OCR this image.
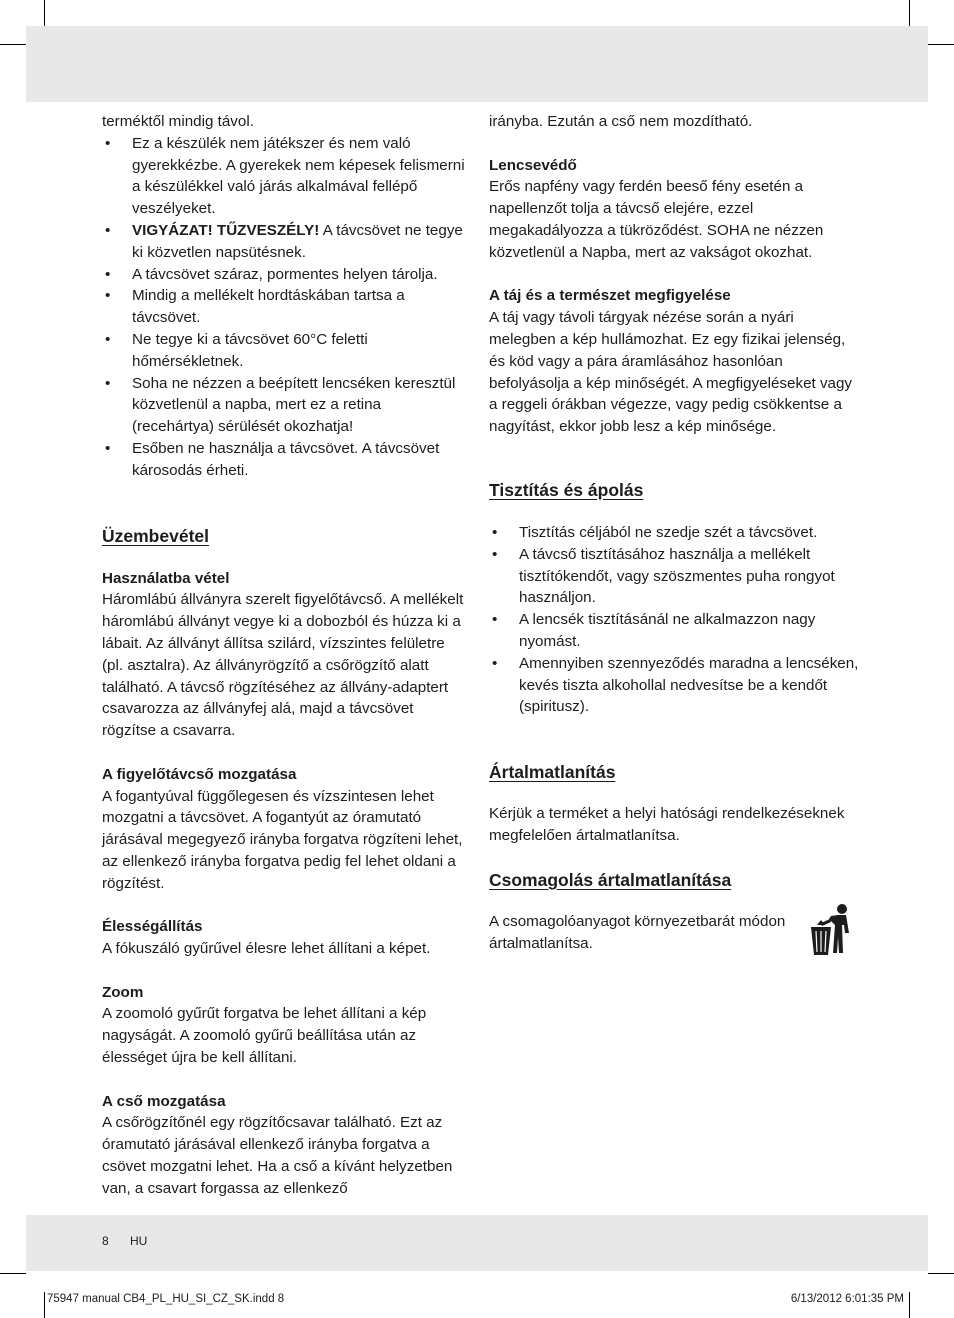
terméktől mindig távol.

• Ez a készülék nem játékszer és nem való gyerekkézbe. A gyerekek nem képesek felismerni a készülékkel való járás alkalmával fellépő veszélyeket.
• VIGYÁZAT! TŰZVESZÉLY! A távcsövet ne tegye ki közvetlen napsütésnek.
• A távcsövet száraz, pormentes helyen tárolja.
• Mindig a mellékelt hordtáskában tartsa a távcsövet.
• Ne tegye ki a távcsövet 60°C feletti hőmérsékletnek.
• Soha ne nézzen a beépített lencséken keresztül közvetlenül a napba, mert ez a retina (recehártya) sérülését okozhatja!
• Esőben ne használja a távcsövet. A távcsövet károsodás érheti.
Üzembevétel

Használatba vétel

Háromlábú állványra szerelt figyelőtávcső. A mellékelt háromlábú állványt vegye ki a dobozból és húzza ki a lábait. Az állványt állítsa szilárd, vízszintes felületre (pl. asztalra). Az állványrögzítő a csőrögzítő alatt található. A távcső rögzítéséhez az állvány-adaptert csavarozza az állványfej alá, majd a távcsövet rögzítse a csavarra.

A figyelőtávcső mozgatása

A fogantyúval függőlegesen és vízszintesen lehet mozgatni a távcsövet. A fogantyút az óramutató járásával megegyező irányba forgatva rögzíteni lehet, az ellenkező irányba forgatva pedig fel lehet oldani a rögzítést.

Élességállítás

A fókuszáló gyűrűvel élesre lehet állítani a képet.

Zoom

A zoomoló gyűrűt forgatva be lehet állítani a kép nagyságát. A zoomoló gyűrű beállítása után az élességet újra be kell állítani.

A cső mozgatása

A csőrögzítőnél egy rögzítőcsavar található. Ezt az óramutató járásával ellenkező irányba forgatva a csövet mozgatni lehet. Ha a cső a kívánt helyzetben van, a csavart forgassa az ellenkező

irányba. Ezután a cső nem mozdítható.

Lencsevédő

Erős napfény vagy ferdén beeső fény esetén a napellenzőt tolja a távcső elejére, ezzel megakadályozza a tükröződést. SOHA ne nézzen közvetlenül a Napba, mert az vakságot okozhat.

A táj és a természet megfigyelése

A táj vagy távoli tárgyak nézése során a nyári melegben a kép hullámozhat. Ez egy fizikai jelenség, és köd vagy a pára áramlásához hasonlóan befolyásolja a kép minőségét. A megfigyeléseket vagy a reggeli órákban végezze, vagy pedig csökkentse a nagyítást, ekkor jobb lesz a kép minősége.

Tisztítás és ápolás
• Tisztítás céljából ne szedje szét a távcsövet.
• A távcső tisztításához használja a mellékelt tisztítókendőt, vagy szöszmentes puha rongyot használjon.
• A lencsék tisztításánál ne alkalmazzon nagy nyomást.
• Amennyiben szennyeződés maradna a lencséken, kevés tiszta alkohollal nedvesítse be a kendőt (spiritusz).
Ártalmatlanítás

Kérjük a terméket a helyi hatósági rendelkezéseknek megfelelően ártalmatlanítsa.

Csomagolás ártalmatlanítása

A csomagolóanyagot környezetbarát módon ártalmatlanítsa.

8 HU
75947 manual CB4_PL_HU_SI_CZ_SK.indd 8	6/13/2012 6:01:35 PM
